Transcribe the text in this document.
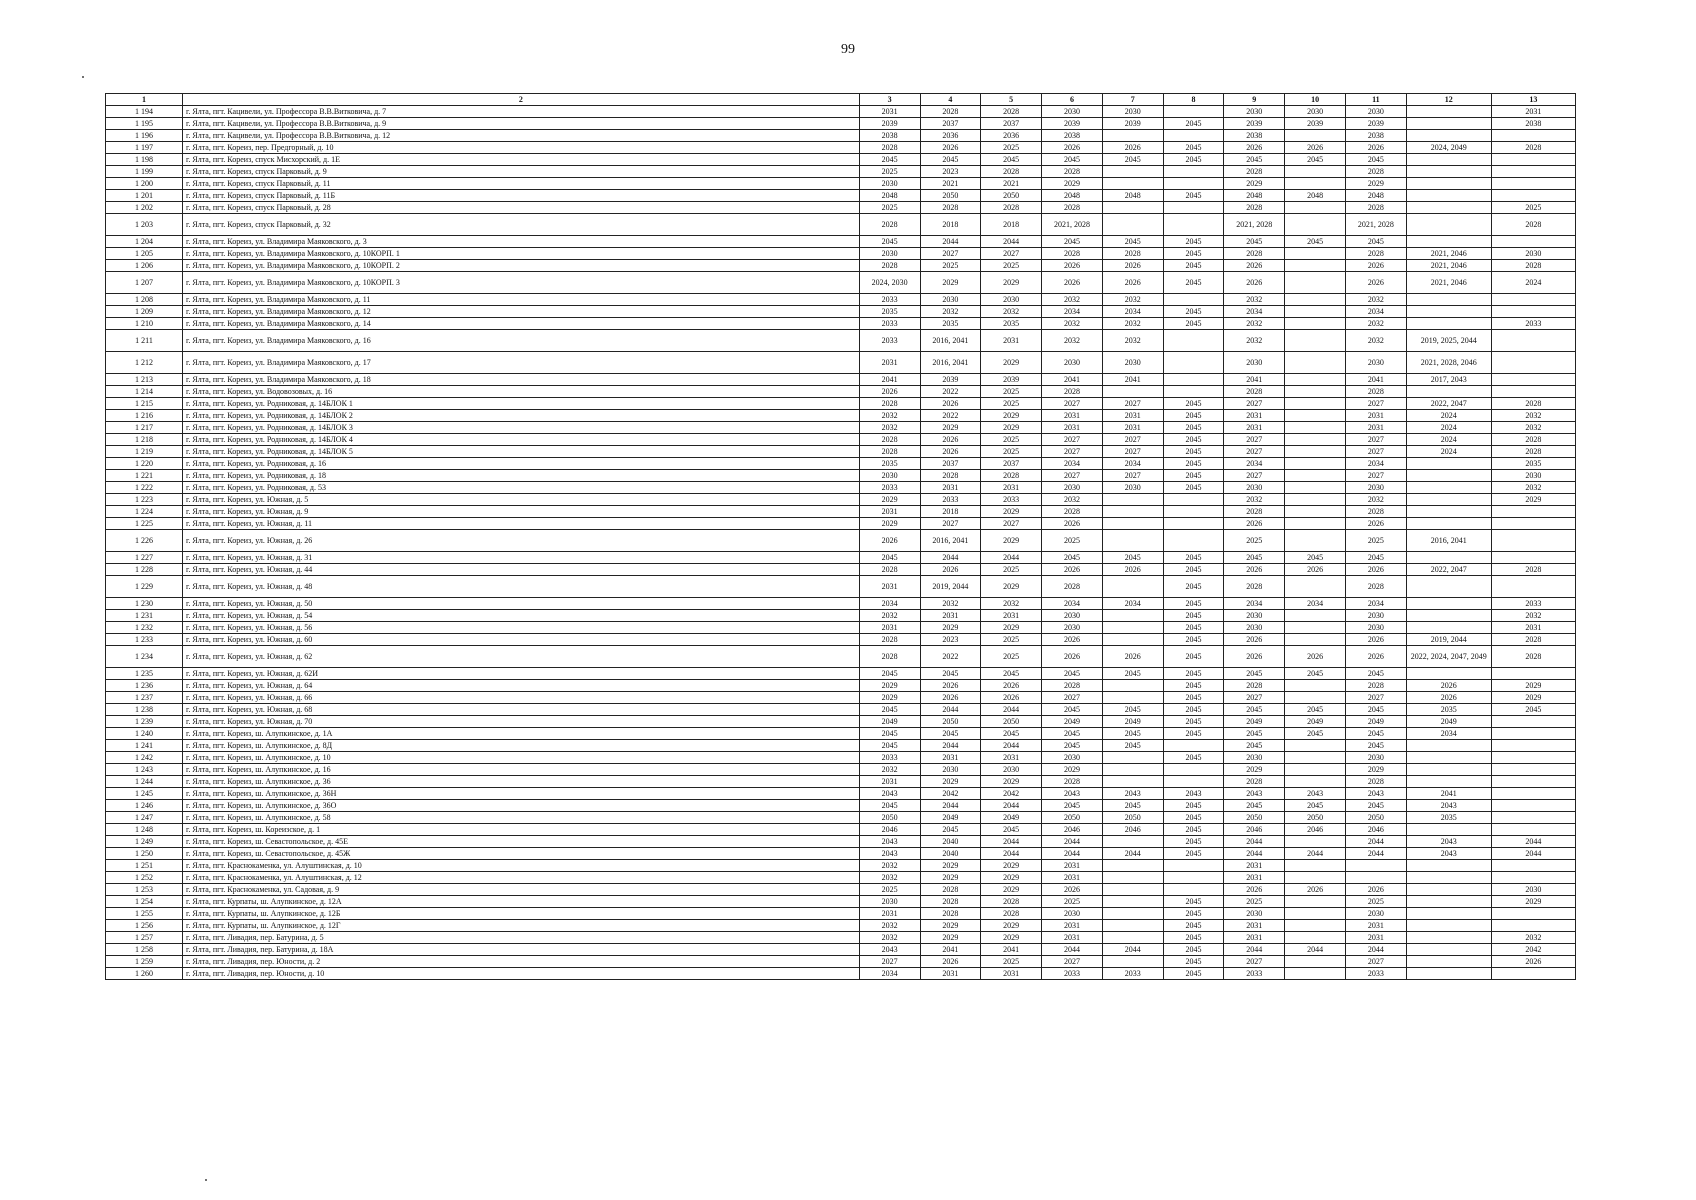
99
1	2	3	4	5	6	7	8	9	10	11	12	13
1 194	г. Ялта, пгт. Кацивели, ул. Профессора В.В.Витковича, д. 7	2031	2028	2028	2030	2030		2030	2030	2030		2031
1 195	г. Ялта, пгт. Кацивели, ул. Профессора В.В.Витковича, д. 9	2039	2037	2037	2039	2039	2045	2039	2039	2039		2038
1 196	г. Ялта, пгт. Кацивели, ул. Профессора В.В.Витковича, д. 12	2038	2036	2036	2038			2038		2038		
1 197	г. Ялта, пгт. Кореиз, пер. Предгорный, д. 10	2028	2026	2025	2026	2026	2045	2026	2026	2026	2024, 2049	2028
1 198	г. Ялта, пгт. Кореиз, спуск Мисхорский, д. 1Е	2045	2045	2045	2045	2045	2045	2045	2045	2045		
1 199	г. Ялта, пгт. Кореиз, спуск Парковый, д. 9	2025	2023	2028	2028			2028		2028		
1 200	г. Ялта, пгт. Кореиз, спуск Парковый, д. 11	2030	2021	2021	2029			2029		2029		
1 201	г. Ялта, пгт. Кореиз, спуск Парковый, д. 11Б	2048	2050	2050	2048	2048	2045	2048	2048	2048		
1 202	г. Ялта, пгт. Кореиз, спуск Парковый, д. 28	2025	2028	2028	2028			2028		2028		2025
1 203	г. Ялта, пгт. Кореиз, спуск Парковый, д. 32	2028	2018	2018	2021, 2028			2021, 2028		2021, 2028		2028
1 204	г. Ялта, пгт. Кореиз, ул. Владимира Маяковского, д. 3	2045	2044	2044	2045	2045	2045	2045	2045	2045		
1 205	г. Ялта, пгт. Кореиз, ул. Владимира Маяковского, д. 10КОРП. 1	2030	2027	2027	2028	2028	2045	2028		2028	2021, 2046	2030
1 206	г. Ялта, пгт. Кореиз, ул. Владимира Маяковского, д. 10КОРП. 2	2028	2025	2025	2026	2026	2045	2026		2026	2021, 2046	2028
1 207	г. Ялта, пгт. Кореиз, ул. Владимира Маяковского, д. 10КОРП. 3	2024, 2030	2029	2029	2026	2026	2045	2026		2026	2021, 2046	2024
1 208	г. Ялта, пгт. Кореиз, ул. Владимира Маяковского, д. 11	2033	2030	2030	2032	2032		2032		2032		
1 209	г. Ялта, пгт. Кореиз, ул. Владимира Маяковского, д. 12	2035	2032	2032	2034	2034	2045	2034		2034		
1 210	г. Ялта, пгт. Кореиз, ул. Владимира Маяковского, д. 14	2033	2035	2035	2032	2032	2045	2032		2032		2033
1 211	г. Ялта, пгт. Кореиз, ул. Владимира Маяковского, д. 16	2033	2016, 2041	2031	2032	2032		2032		2032	2019, 2025, 2044	
1 212	г. Ялта, пгт. Кореиз, ул. Владимира Маяковского, д. 17	2031	2016, 2041	2029	2030	2030		2030		2030	2021, 2028, 2046	
1 213	г. Ялта, пгт. Кореиз, ул. Владимира Маяковского, д. 18	2041	2039	2039	2041	2041		2041		2041	2017, 2043	
1 214	г. Ялта, пгт. Кореиз, ул. Водовозовых, д. 16	2026	2022	2025	2028			2028		2028		
1 215	г. Ялта, пгт. Кореиз, ул. Родниковая, д. 14БЛОК 1	2028	2026	2025	2027	2027	2045	2027		2027	2022, 2047	2028
1 216	г. Ялта, пгт. Кореиз, ул. Родниковая, д. 14БЛОК 2	2032	2022	2029	2031	2031	2045	2031		2031	2024	2032
1 217	г. Ялта, пгт. Кореиз, ул. Родниковая, д. 14БЛОК 3	2032	2029	2029	2031	2031	2045	2031		2031	2024	2032
1 218	г. Ялта, пгт. Кореиз, ул. Родниковая, д. 14БЛОК 4	2028	2026	2025	2027	2027	2045	2027		2027	2024	2028
1 219	г. Ялта, пгт. Кореиз, ул. Родниковая, д. 14БЛОК 5	2028	2026	2025	2027	2027	2045	2027		2027	2024	2028
1 220	г. Ялта, пгт. Кореиз, ул. Родниковая, д. 16	2035	2037	2037	2034	2034	2045	2034		2034		2035
1 221	г. Ялта, пгт. Кореиз, ул. Родниковая, д. 18	2030	2028	2028	2027	2027	2045	2027		2027		2030
1 222	г. Ялта, пгт. Кореиз, ул. Родниковая, д. 53	2033	2031	2031	2030	2030	2045	2030		2030		2032
1 223	г. Ялта, пгт. Кореиз, ул. Южная, д. 5	2029	2033	2033	2032			2032		2032		2029
1 224	г. Ялта, пгт. Кореиз, ул. Южная, д. 9	2031	2018	2029	2028			2028		2028		
1 225	г. Ялта, пгт. Кореиз, ул. Южная, д. 11	2029	2027	2027	2026			2026		2026		
1 226	г. Ялта, пгт. Кореиз, ул. Южная, д. 26	2026	2016, 2041	2029	2025			2025		2025	2016, 2041	
1 227	г. Ялта, пгт. Кореиз, ул. Южная, д. 31	2045	2044	2044	2045	2045	2045	2045	2045	2045		
1 228	г. Ялта, пгт. Кореиз, ул. Южная, д. 44	2028	2026	2025	2026	2026	2045	2026	2026	2026	2022, 2047	2028
1 229	г. Ялта, пгт. Кореиз, ул. Южная, д. 48	2031	2019, 2044	2029	2028		2045	2028		2028		
1 230	г. Ялта, пгт. Кореиз, ул. Южная, д. 50	2034	2032	2032	2034	2034	2045	2034	2034	2034		2033
1 231	г. Ялта, пгт. Кореиз, ул. Южная, д. 54	2032	2031	2031	2030		2045	2030		2030		2032
1 232	г. Ялта, пгт. Кореиз, ул. Южная, д. 56	2031	2029	2029	2030		2045	2030		2030		2031
1 233	г. Ялта, пгт. Кореиз, ул. Южная, д. 60	2028	2023	2025	2026		2045	2026		2026	2019, 2044	2028
1 234	г. Ялта, пгт. Кореиз, ул. Южная, д. 62	2028	2022	2025	2026	2026	2045	2026	2026	2026	2022, 2024, 2047, 2049	2028
1 235	г. Ялта, пгт. Кореиз, ул. Южная, д. 62И	2045	2045	2045	2045	2045	2045	2045	2045	2045		
1 236	г. Ялта, пгт. Кореиз, ул. Южная, д. 64	2029	2026	2026	2028		2045	2028		2028	2026	2029
1 237	г. Ялта, пгт. Кореиз, ул. Южная, д. 66	2029	2026	2026	2027		2045	2027		2027	2026	2029
1 238	г. Ялта, пгт. Кореиз, ул. Южная, д. 68	2045	2044	2044	2045	2045	2045	2045	2045	2045	2035	2045
1 239	г. Ялта, пгт. Кореиз, ул. Южная, д. 70	2049	2050	2050	2049	2049	2045	2049	2049	2049	2049	
1 240	г. Ялта, пгт. Кореиз, ш. Алупкинское, д. 1А	2045	2045	2045	2045	2045	2045	2045	2045	2045	2034	
1 241	г. Ялта, пгт. Кореиз, ш. Алупкинское, д. 8Д	2045	2044	2044	2045	2045		2045		2045		
1 242	г. Ялта, пгт. Кореиз, ш. Алупкинское, д. 10	2033	2031	2031	2030		2045	2030		2030		
1 243	г. Ялта, пгт. Кореиз, ш. Алупкинское, д. 16	2032	2030	2030	2029			2029		2029		
1 244	г. Ялта, пгт. Кореиз, ш. Алупкинское, д. 36	2031	2029	2029	2028			2028		2028		
1 245	г. Ялта, пгт. Кореиз, ш. Алупкинское, д. 36Н	2043	2042	2042	2043	2043	2043	2043	2043	2043	2041	
1 246	г. Ялта, пгт. Кореиз, ш. Алупкинское, д. 36О	2045	2044	2044	2045	2045	2045	2045	2045	2045	2043	
1 247	г. Ялта, пгт. Кореиз, ш. Алупкинское, д. 58	2050	2049	2049	2050	2050	2045	2050	2050	2050	2035	
1 248	г. Ялта, пгт. Кореиз, ш. Кореизское, д. 1	2046	2045	2045	2046	2046	2045	2046	2046	2046		
1 249	г. Ялта, пгт. Кореиз, ш. Севастопольское, д. 45Е	2043	2040	2044	2044		2045	2044		2044	2043	2044
1 250	г. Ялта, пгт. Кореиз, ш. Севастопольское, д. 45Ж	2043	2040	2044	2044	2044	2045	2044	2044	2044	2043	2044
1 251	г. Ялта, пгт. Краснокаменка, ул. Алуштинская, д. 10	2032	2029	2029	2031			2031				
1 252	г. Ялта, пгт. Краснокаменка, ул. Алуштинская, д. 12	2032	2029	2029	2031			2031				
1 253	г. Ялта, пгт. Краснокаменка, ул. Садовая, д. 9	2025	2028	2029	2026			2026	2026	2026		2030
1 254	г. Ялта, пгт. Курпаты, ш. Алупкинское, д. 12А	2030	2028	2028	2025		2045	2025		2025		2029
1 255	г. Ялта, пгт. Курпаты, ш. Алупкинское, д. 12Б	2031	2028	2028	2030		2045	2030		2030		
1 256	г. Ялта, пгт. Курпаты, ш. Алупкинское, д. 12Г	2032	2029	2029	2031		2045	2031		2031		
1 257	г. Ялта, пгт. Ливадия, пер. Батурина, д. 5	2032	2029	2029	2031		2045	2031		2031		2032
1 258	г. Ялта, пгт. Ливадия, пер. Батурина, д. 18А	2043	2041	2041	2044	2044	2045	2044	2044	2044		2042
1 259	г. Ялта, пгт. Ливадия, пер. Юности, д. 2	2027	2026	2025	2027		2045	2027		2027		2026
1 260	г. Ялта, пгт. Ливадия, пер. Юности, д. 10	2034	2031	2031	2033	2033	2045	2033		2033		
